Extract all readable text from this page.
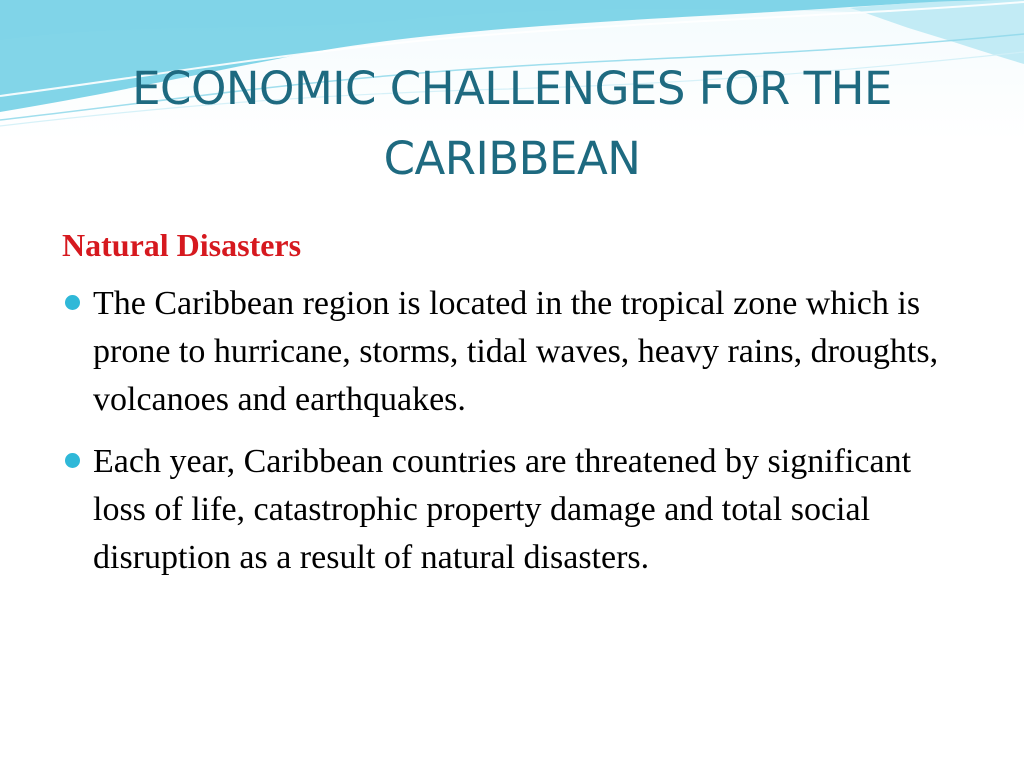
ECONOMIC CHALLENGES FOR THE CARIBBEAN
Natural Disasters
The Caribbean region is located in the tropical zone which is prone to hurricane, storms, tidal waves, heavy rains, droughts, volcanoes and earthquakes.
Each year, Caribbean countries are threatened by significant loss of life, catastrophic property damage and total social disruption as a result of natural disasters.
